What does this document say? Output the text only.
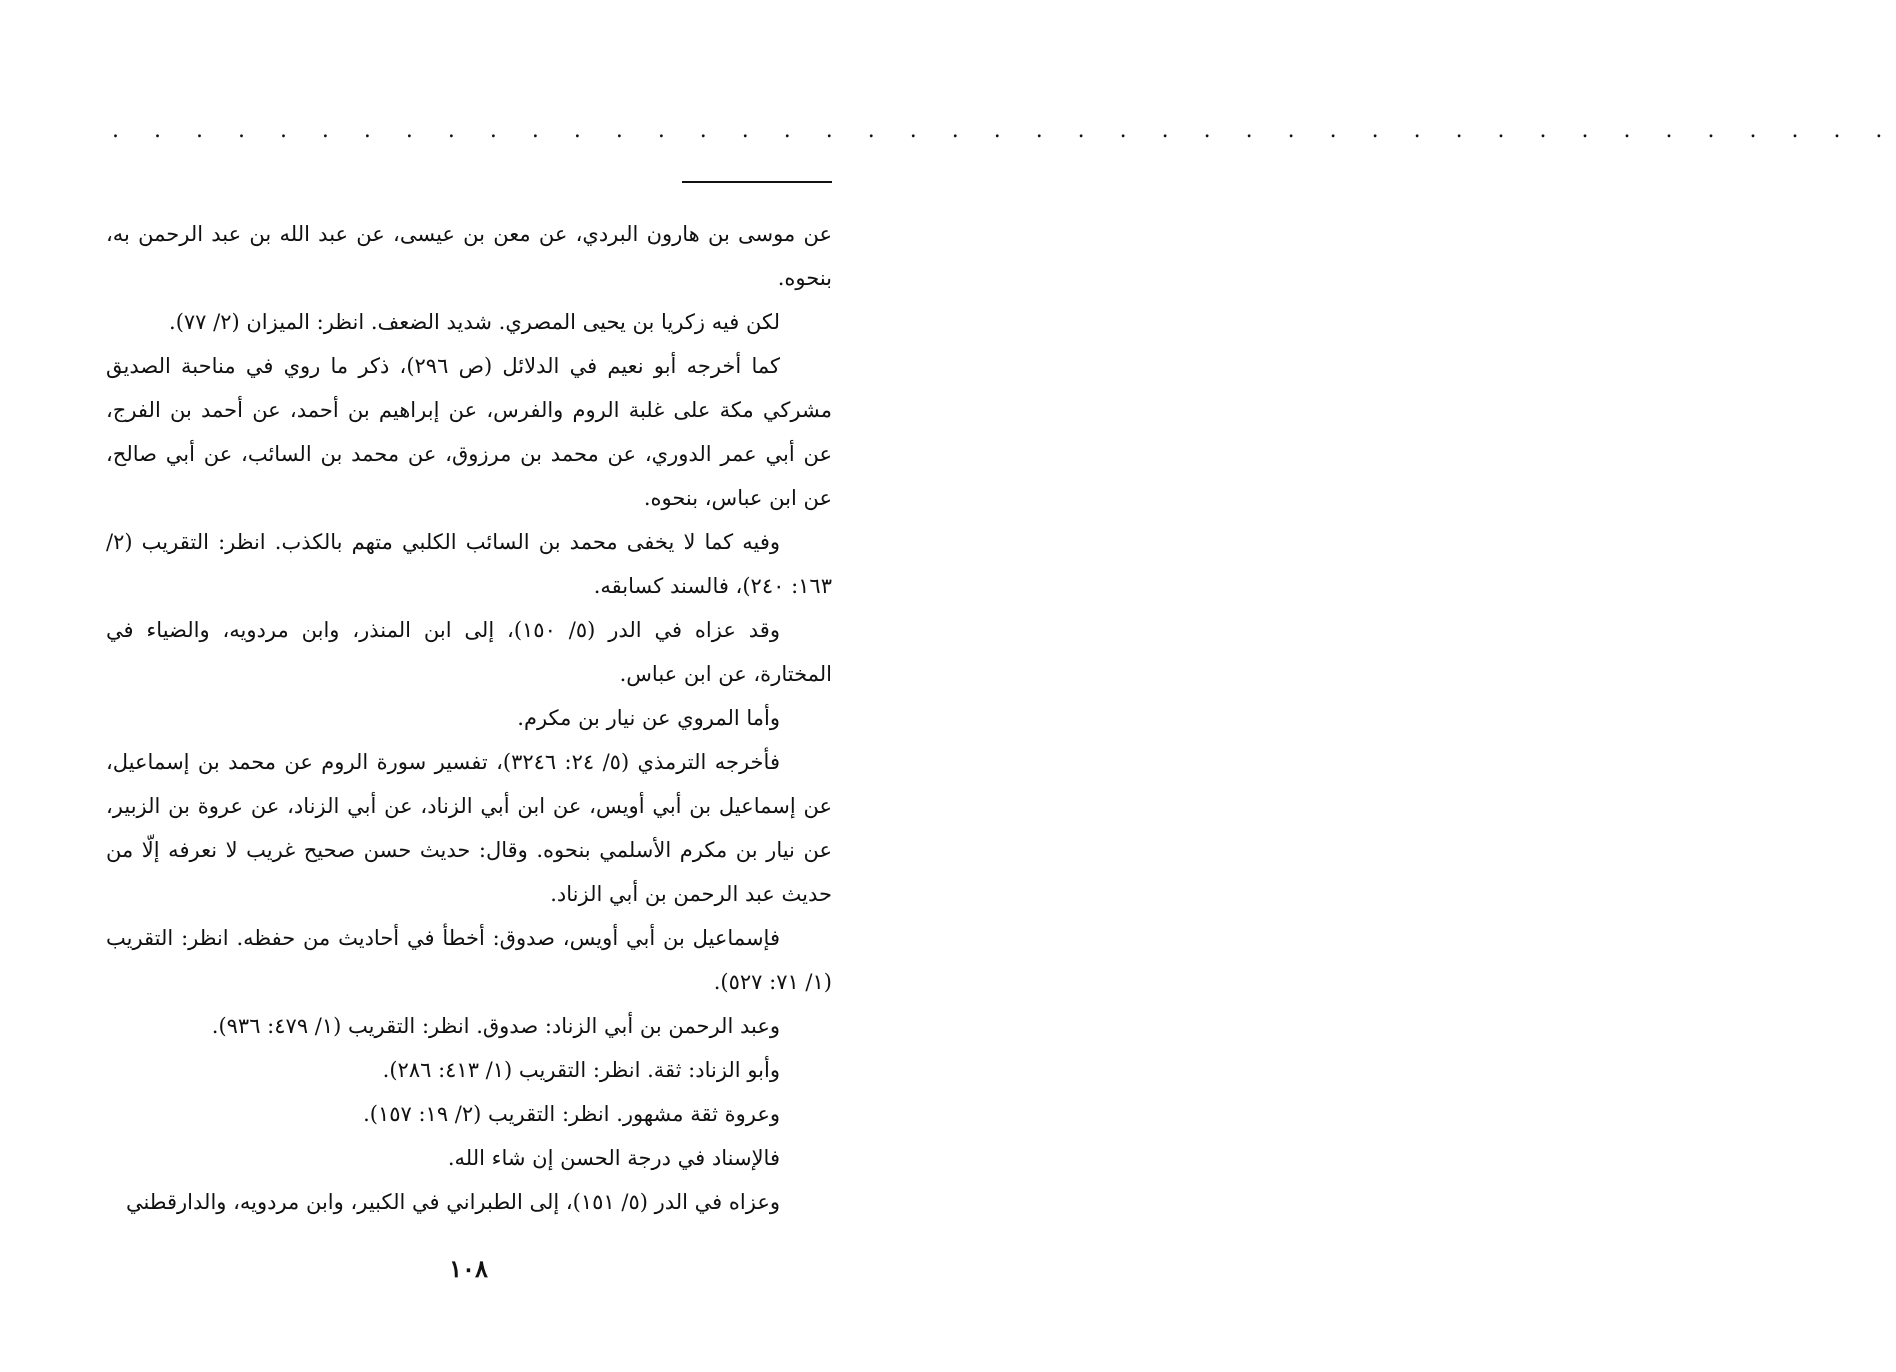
. . . . . . . . . . . . . . . . . . . . . . . . . . . . . . . . . . . . . . . . . . .

عن موسى بن هارون البردي، عن معن بن عيسى، عن عبد الله بن عبد الرحمن به، بنحوه.

لكن فيه زكريا بن يحيى المصري. شديد الضعف. انظر: الميزان (٢/ ٧٧).

كما أخرجه أبو نعيم في الدلائل (ص ٢٩٦)، ذكر ما روي في مناحبة الصديق مشركي مكة على غلبة الروم والفرس، عن إبراهيم بن أحمد، عن أحمد بن الفرج، عن أبي عمر الدوري، عن محمد بن مرزوق، عن محمد بن السائب، عن أبي صالح، عن ابن عباس، بنحوه.

وفيه كما لا يخفى محمد بن السائب الكلبي متهم بالكذب. انظر: التقريب (٢/ ١٦٣: ٢٤٠)، فالسند كسابقه.

وقد عزاه في الدر (٥/ ١٥٠)، إلى ابن المنذر، وابن مردويه، والضياء في المختارة، عن ابن عباس.

وأما المروي عن نيار بن مكرم.

فأخرجه الترمذي (٥/ ٢٤: ٣٢٤٦)، تفسير سورة الروم عن محمد بن إسماعيل، عن إسماعيل بن أبي أويس، عن ابن أبي الزناد، عن أبي الزناد، عن عروة بن الزبير، عن نيار بن مكرم الأسلمي بنحوه. وقال: حديث حسن صحيح غريب لا نعرفه إلّا من حديث عبد الرحمن بن أبي الزناد.

فإسماعيل بن أبي أويس، صدوق: أخطأ في أحاديث من حفظه. انظر: التقريب (١/ ٧١: ٥٢٧).

وعبد الرحمن بن أبي الزناد: صدوق. انظر: التقريب (١/ ٤٧٩: ٩٣٦).

وأبو الزناد: ثقة. انظر: التقريب (١/ ٤١٣: ٢٨٦).

وعروة ثقة مشهور. انظر: التقريب (٢/ ١٩: ١٥٧).

فالإسناد في درجة الحسن إن شاء الله.

وعزاه في الدر (٥/ ١٥١)، إلى الطبراني في الكبير، وابن مردويه، والدارقطني

١٠٨
